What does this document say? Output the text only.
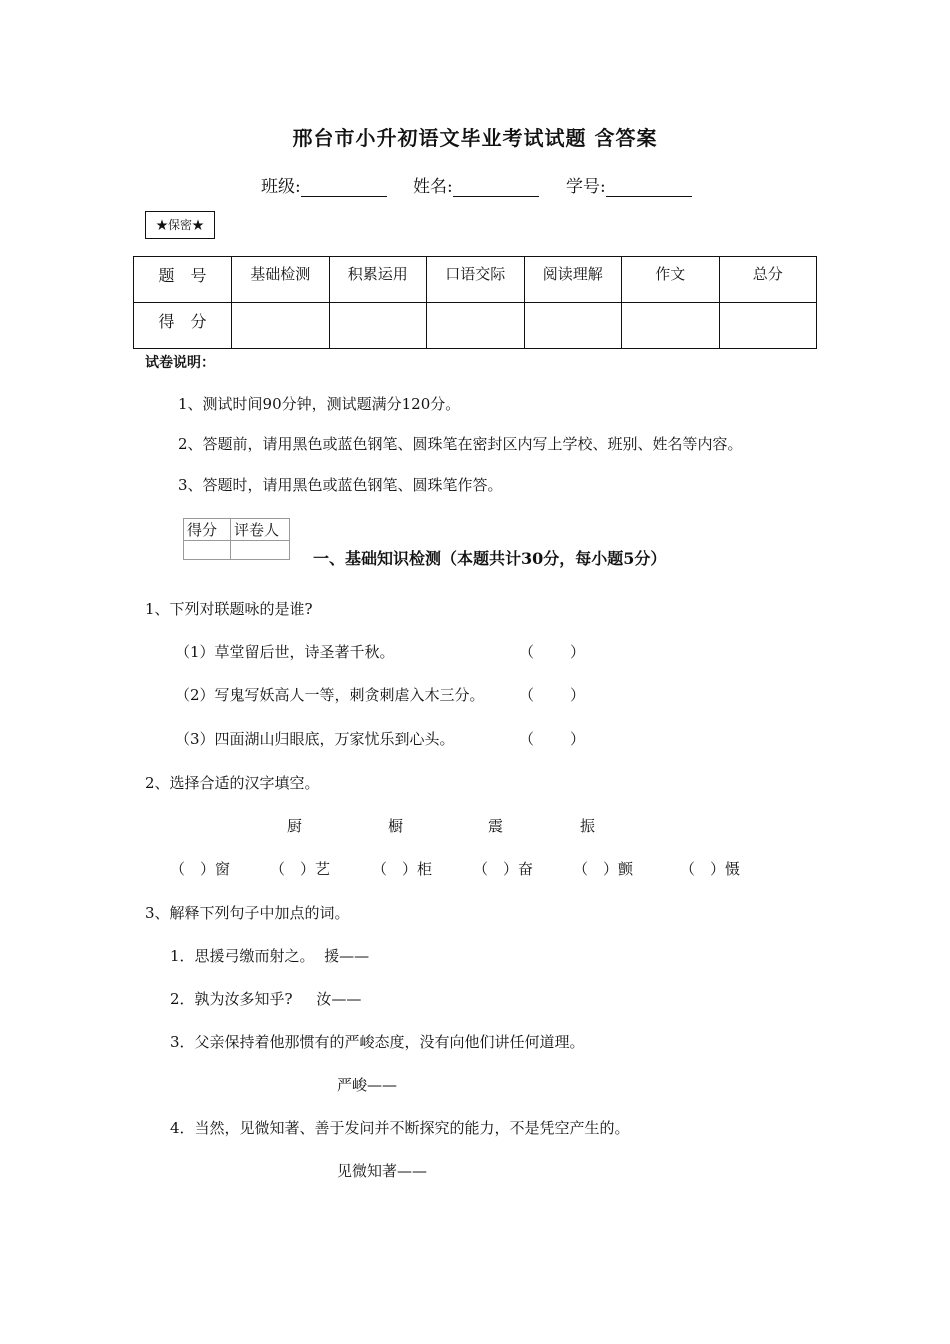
邢台市小升初语文毕业考试试题 含答案
班级:	姓名:	学号:
★保密★
题　号	基础检测	积累运用	口语交际	阅读理解	作文	总分
得　分						
试卷说明：
1、测试时间90分钟，测试题满分120分。
2、答题前，请用黑色或蓝色钢笔、圆珠笔在密封区内写上学校、班别、姓名等内容。
3、答题时，请用黑色或蓝色钢笔、圆珠笔作答。
得分	评卷人

一、基础知识检测（本题共计30分，每小题5分）
1、下列对联题咏的是谁?
（1）草堂留后世，诗圣著千秋。	（ ）
（2）写鬼写妖高人一等，刺贪刺虐入木三分。 （ ）
（3）四面湖山归眼底，万家忧乐到心头。	（ ）
2、选择合适的汉字填空。
厨	橱	震	振
（　）窗	（　）艺	（　）柜	（　）奋	（　）颤	（　）慑
3、解释下列句子中加点的词。
1．思援弓缴而射之。  援——
2．孰为汝多知乎?     汝——
3．父亲保持着他那惯有的严峻态度，没有向他们讲任何道理。
严峻——
4．当然，见微知著、善于发问并不断探究的能力，不是凭空产生的。
见微知著——
